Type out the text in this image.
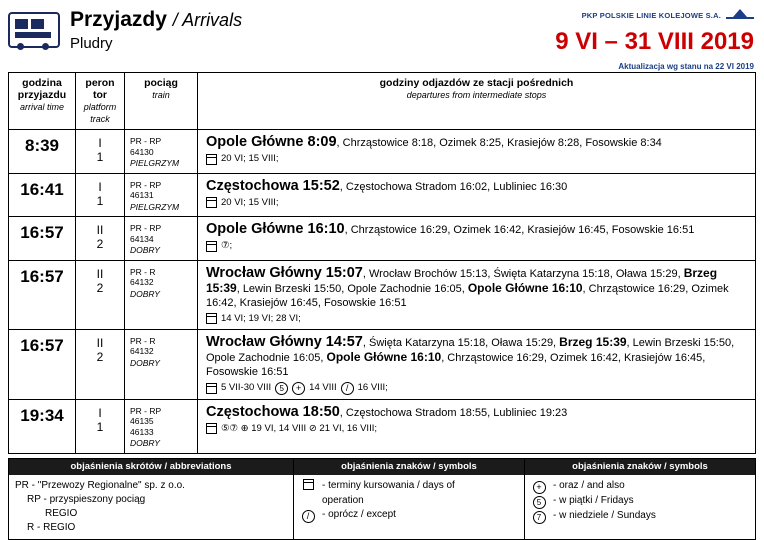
Przyjazdy / Arrivals
Pludry
PKP POLSKIE LINIE KOLEJOWE S.A.
9 VI – 31 VIII 2019
Aktualizacja wg stanu na 22 VI 2019
godzina przyjazdu
arrival time	peron tor
platform track	pociąg
train	godziny odjazdów ze stacji pośrednich
departures from intermediate stops

8:39	I
1
	PR - RP
64130
PIELGRZYM
	Opole Główne 8:09, Chrząstowice 8:18, Ozimek 8:25, Krasiejów 8:28, Fosowskie 8:34
20 VI; 15 VIII;

16:41	I
1
	PR - RP
46131
PIELGRZYM
	Częstochowa 15:52, Częstochowa Stradom 16:02, Lubliniec 16:30
20 VI; 15 VIII;

16:57	II
2
	PR - RP
64134
DOBRY
	Opole Główne 16:10, Chrząstowice 16:29, Ozimek 16:42, Krasiejów 16:45, Fosowskie 16:51
⑦;

16:57	II
2
	PR - R
64132
DOBRY
	Wrocław Główny 15:07, Wrocław Brochów 15:13, Święta Katarzyna 15:18, Oława 15:29, Brzeg 15:39, Lewin Brzeski 15:50, Opole Zachodnie 16:05, Opole Główne 16:10, Chrząstowice 16:29, Ozimek 16:42, Krasiejów 16:45, Fosowskie 16:51
14 VI; 19 VI; 28 VI;

16:57	II
2
	PR - R
64132
DOBRY
	Wrocław Główny 14:57, Święta Katarzyna 15:18, Oława 15:29, Brzeg 15:39, Lewin Brzeski 15:50, Opole Zachodnie 16:05, Opole Główne 16:10, Chrząstowice 16:29, Ozimek 16:42, Krasiejów 16:45, Fosowskie 16:51
5 VII-30 VIII	5	+ 14 VIII	/ 16 VIII;

19:34	I
1
	PR - RP
46135
46133
DOBRY
	Częstochowa 18:50, Częstochowa Stradom 18:55, Lubliniec 19:23
⑤⑦ ⊕ 19 VI, 14 VIII ⊘ 21 VI, 16 VIII;
objaśnienia skrótów / abbreviations
PR - "Przewozy Regionalne" sp. z o.o.
RP - przyspieszony pociąg
REGIO
R - REGIO
objaśnienia znaków / symbols
- terminy kursowania / days of
operation
/	- oprócz / except
objaśnienia znaków / symbols
+	- oraz / and also
5	- w piątki / Fridays
7	- w niedziele / Sundays
